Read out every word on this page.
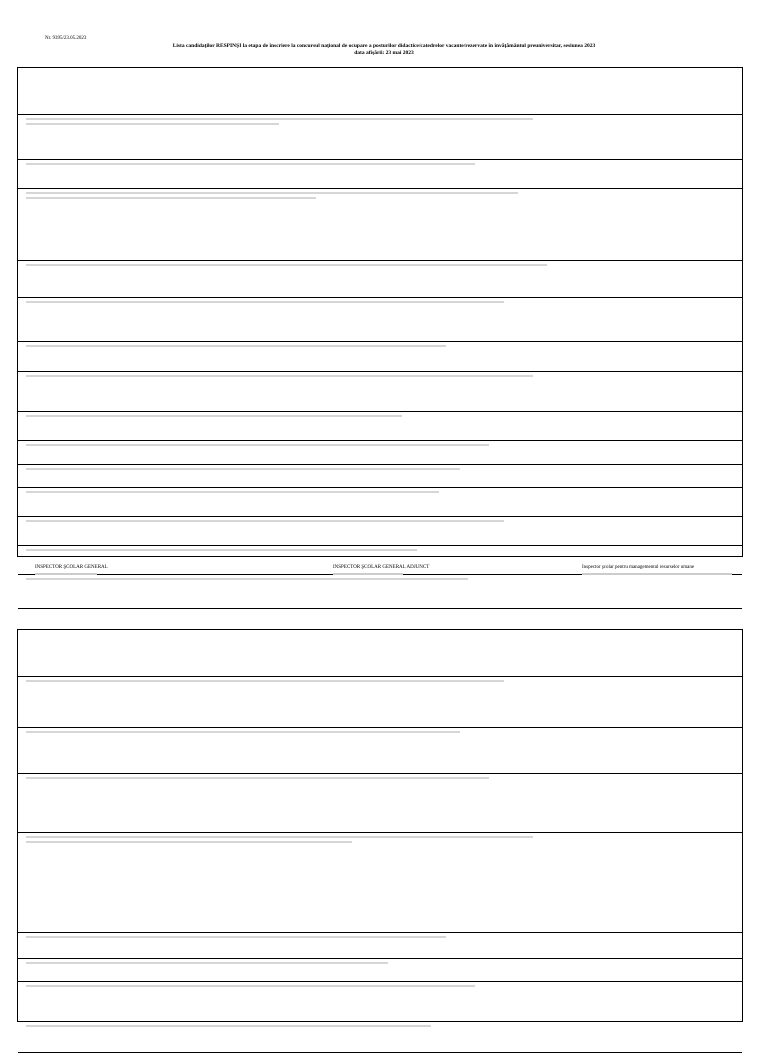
Nr. 9395/23.05.2023
Lista candidaţilor RESPINŞI la etapa de înscriere la concursul naţional de ocupare a posturilor didactice/catedrelor vacante/rezervate în învăţământul preuniversitar, sesiunea 2023
data afişării: 23 mai 2023
INSPECTOR ŞCOLAR GENERAL	INSPECTOR ŞCOLAR GENERAL ADJUNCT	Inspector şcolar pentru managementul resurselor umane
